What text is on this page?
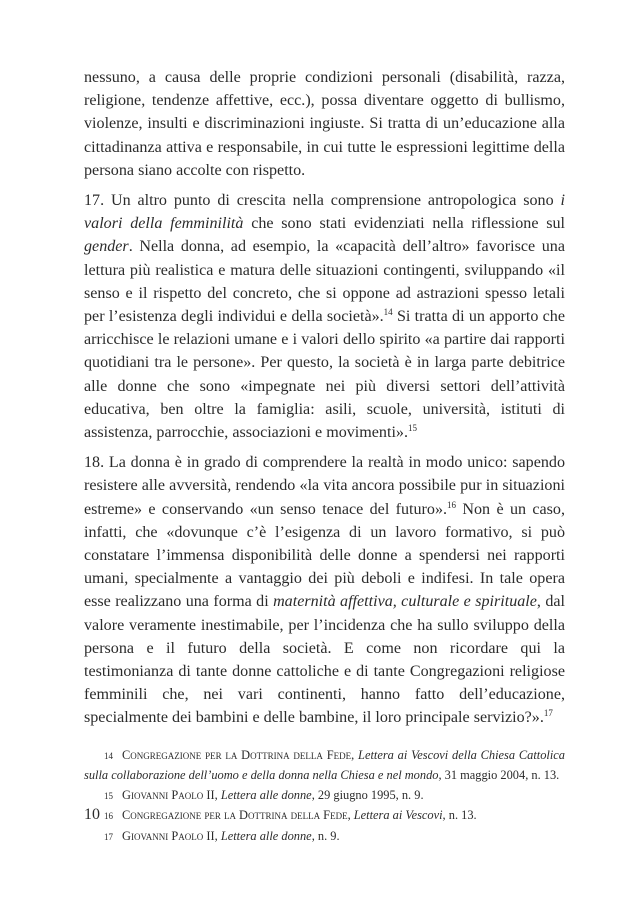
nessuno, a causa delle proprie condizioni personali (disabilità, razza, religione, tendenze affettive, ecc.), possa diventare oggetto di bullismo, violenze, insulti e discriminazioni ingiuste. Si tratta di un’educazione alla cittadinanza attiva e responsabile, in cui tutte le espressioni legittime della persona siano accolte con rispetto.

17. Un altro punto di crescita nella comprensione antropologica sono i valori della femminilità che sono stati evidenziati nella riflessione sul gender. Nella donna, ad esempio, la «capacità dell’altro» favorisce una lettura più realistica e matura delle situazioni contingenti, sviluppando «il senso e il rispetto del concreto, che si oppone ad astrazioni spesso letali per l’esistenza degli individui e della società».$^{14}$ Si tratta di un apporto che arricchisce le relazioni umane e i valori dello spirito «a partire dai rapporti quotidiani tra le persone». Per questo, la società è in larga parte debitrice alle donne che sono «impegnate nei più diversi settori dell’attività educativa, ben oltre la famiglia: asili, scuole, università, istituti di assistenza, parrocchie, associazioni e movimenti».$^{15}$

18. La donna è in grado di comprendere la realtà in modo unico: sapendo resistere alle avversità, rendendo «la vita ancora possibile pur in situazioni estreme» e conservando «un senso tenace del futuro».$^{16}$ Non è un caso, infatti, che «dovunque c’è l’esigenza di un lavoro formativo, si può constatare l’immensa disponibilità delle donne a spendersi nei rapporti umani, specialmente a vantaggio dei più deboli e indifesi. In tale opera esse realizzano una forma di maternità affettiva, culturale e spirituale, dal valore veramente inestimabile, per l’incidenza che ha sullo sviluppo della persona e il futuro della società. E come non ricordare qui la testimonianza di tante donne cattoliche e di tante Congregazioni religiose femminili che, nei vari continenti, hanno fatto dell’educazione, specialmente dei bambini e delle bambine, il loro principale servizio?».$^{17}$

14 Congregazione per la Dottrina della Fede, Lettera ai Vescovi della Chiesa Cattolica sulla collaborazione dell’uomo e della donna nella Chiesa e nel mondo, 31 maggio 2004, n. 13.

15 Giovanni Paolo II, Lettera alle donne, 29 giugno 1995, n. 9.

16 Congregazione per la Dottrina della Fede, Lettera ai Vescovi, n. 13.

17 Giovanni Paolo II, Lettera alle donne, n. 9.

10
